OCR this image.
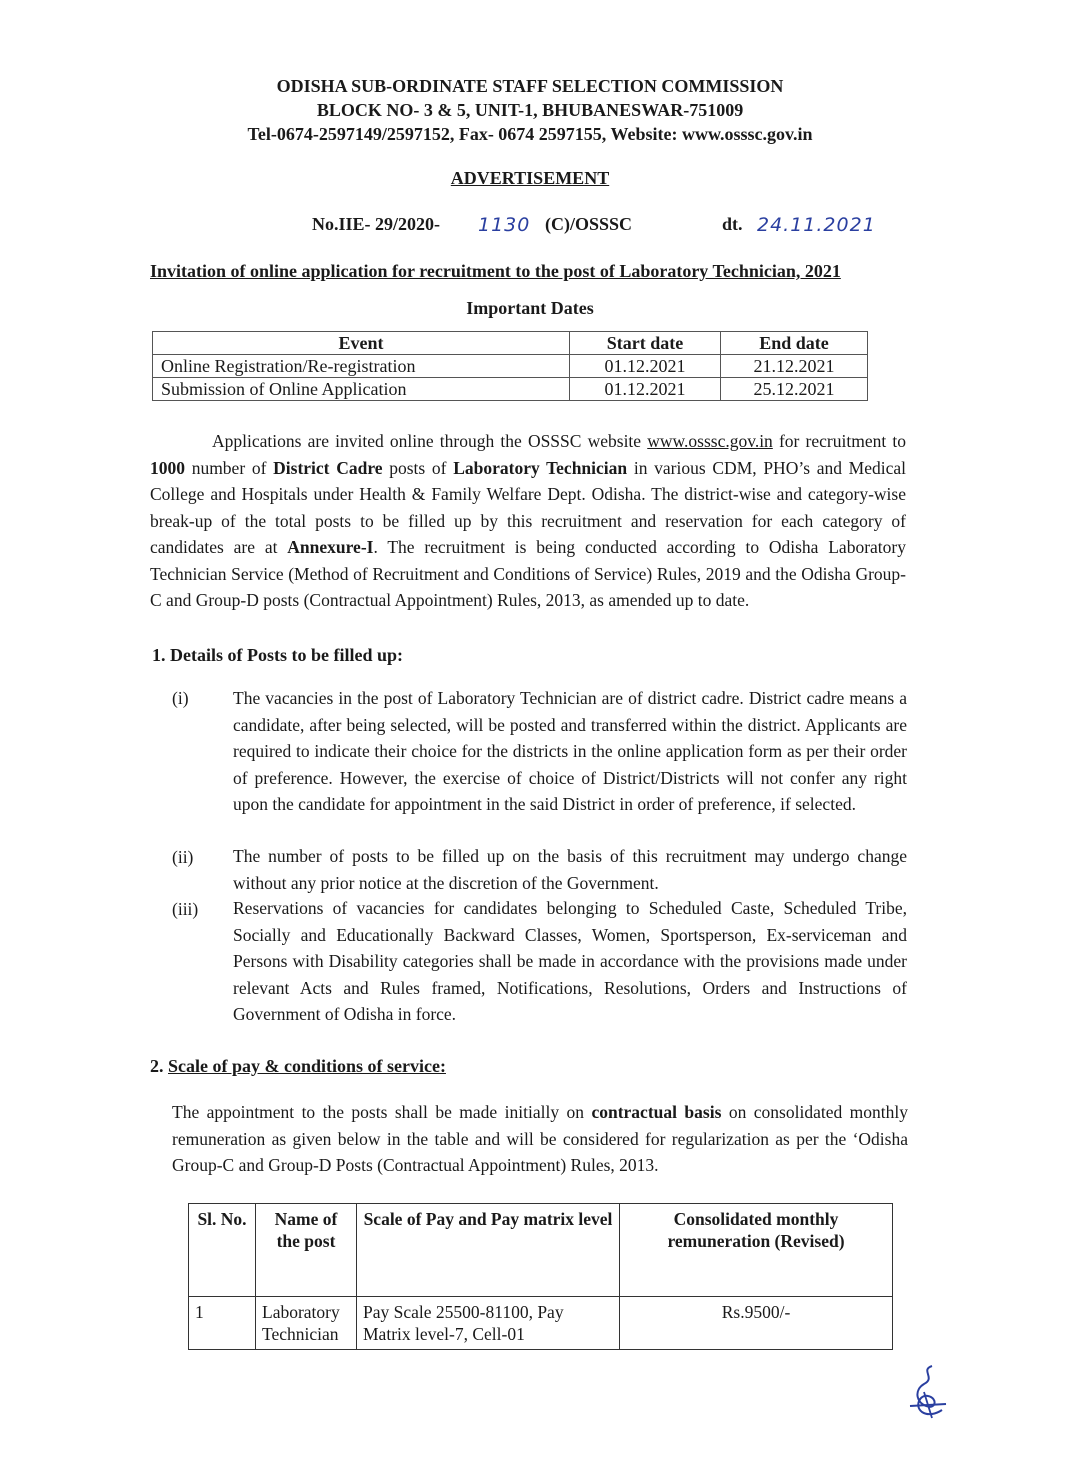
ODISHA SUB-ORDINATE STAFF SELECTION COMMISSION
BLOCK NO- 3 & 5, UNIT-1, BHUBANESWAR-751009
Tel-0674-2597149/2597152, Fax- 0674 2597155, Website: www.osssc.gov.in
ADVERTISEMENT
No.IIE- 29/2020- 1130 (C)/OSSSC	dt. 24.11.2021
Invitation of online application for recruitment to the post of Laboratory Technician, 2021
Important Dates
Event	Start date	End date
Online Registration/Re-registration	01.12.2021	21.12.2021
Submission of Online Application	01.12.2021	25.12.2021
Applications are invited online through the OSSSC website www.osssc.gov.in for recruitment to 1000 number of District Cadre posts of Laboratory Technician in various CDM, PHO’s and Medical College and Hospitals under Health & Family Welfare Dept. Odisha. The district-wise and category-wise break-up of the total posts to be filled up by this recruitment and reservation for each category of candidates are at Annexure-I. The recruitment is being conducted according to Odisha Laboratory Technician Service (Method of Recruitment and Conditions of Service) Rules, 2019 and the Odisha Group-C and Group-D posts (Contractual Appointment) Rules, 2013, as amended up to date.
1. Details of Posts to be filled up:
(i)	The vacancies in the post of Laboratory Technician are of district cadre. District cadre means a candidate, after being selected, will be posted and transferred within the district. Applicants are required to indicate their choice for the districts in the online application form as per their order of preference. However, the exercise of choice of District/Districts will not confer any right upon the candidate for appointment in the said District in order of preference, if selected.
(ii) The number of posts to be filled up on the basis of this recruitment may undergo change without any prior notice at the discretion of the Government.
(iii) Reservations of vacancies for candidates belonging to Scheduled Caste, Scheduled Tribe, Socially and Educationally Backward Classes, Women, Sportsperson, Ex-serviceman and Persons with Disability categories shall be made in accordance with the provisions made under relevant Acts and Rules framed, Notifications, Resolutions, Orders and Instructions of Government of Odisha in force.
2. Scale of pay & conditions of service:
The appointment to the posts shall be made initially on contractual basis on consolidated monthly remuneration as given below in the table and will be considered for regularization as per the ‘Odisha Group-C and Group-D Posts (Contractual Appointment) Rules, 2013.
Sl. No.	Name of the post	Scale of Pay and Pay matrix level	Consolidated monthly remuneration (Revised)
1	Laboratory Technician	Pay Scale 25500-81100, Pay Matrix level-7, Cell-01	Rs.9500/-
